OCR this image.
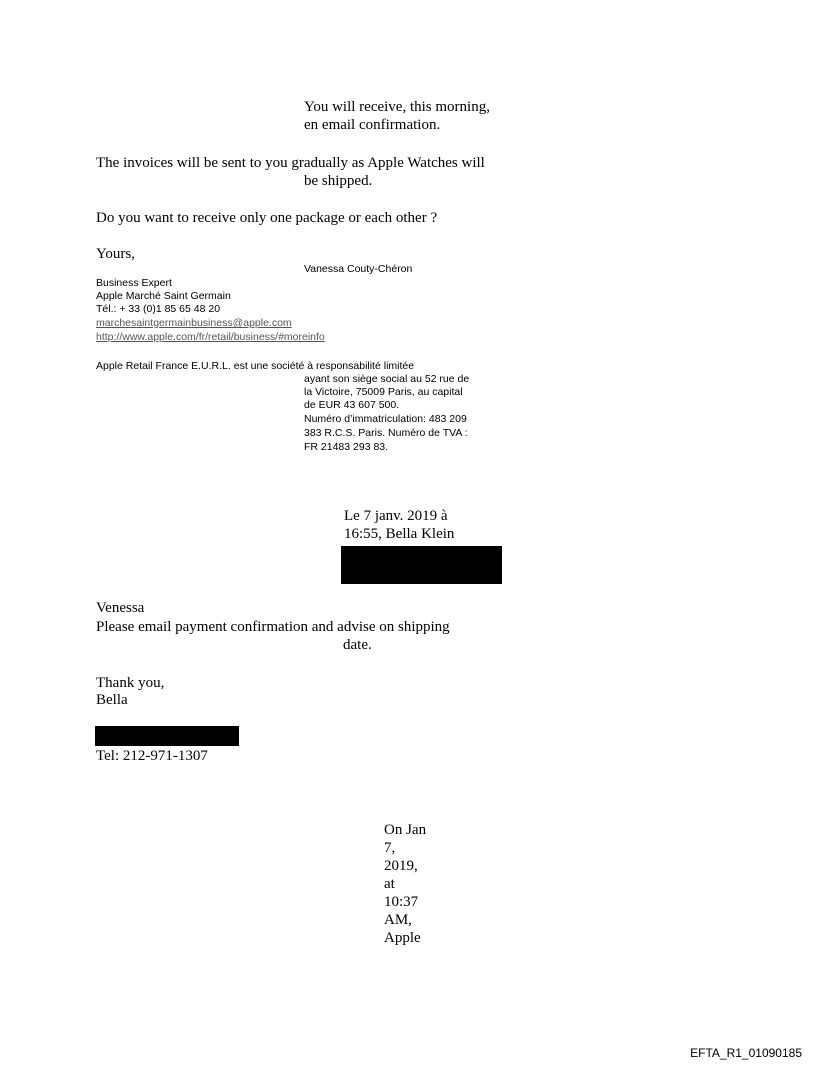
You will receive, this morning,
en email confirmation.
The invoices will be sent to you gradually as Apple Watches will
be shipped.
Do you want to receive only one package or each other ?
Yours,
Vanessa Couty-Chéron
Business Expert
Apple Marché Saint Germain
Tél.: + 33 (0)1 85 65 48 20
marchesaintgermainbusiness@apple.com
http://www.apple.com/fr/retail/business/#moreinfo
Apple Retail France E.U.R.L. est une société à responsabilité limitée
ayant son siège social au 52 rue de
la Victoire, 75009 Paris, au capital
de EUR 43 607 500.
Numéro d’immatriculation: 483 209
383 R.C.S. Paris. Numéro de TVA :
FR 21483 293 83.
Le 7 janv. 2019 à
16:55, Bella Klein
Venessa
Please email payment confirmation and advise on shipping
date.
Thank you,
Bella
Tel: 212-971-1307
On Jan
7,
2019,
at
10:37
AM,
Apple
EFTA_R1_01090185
